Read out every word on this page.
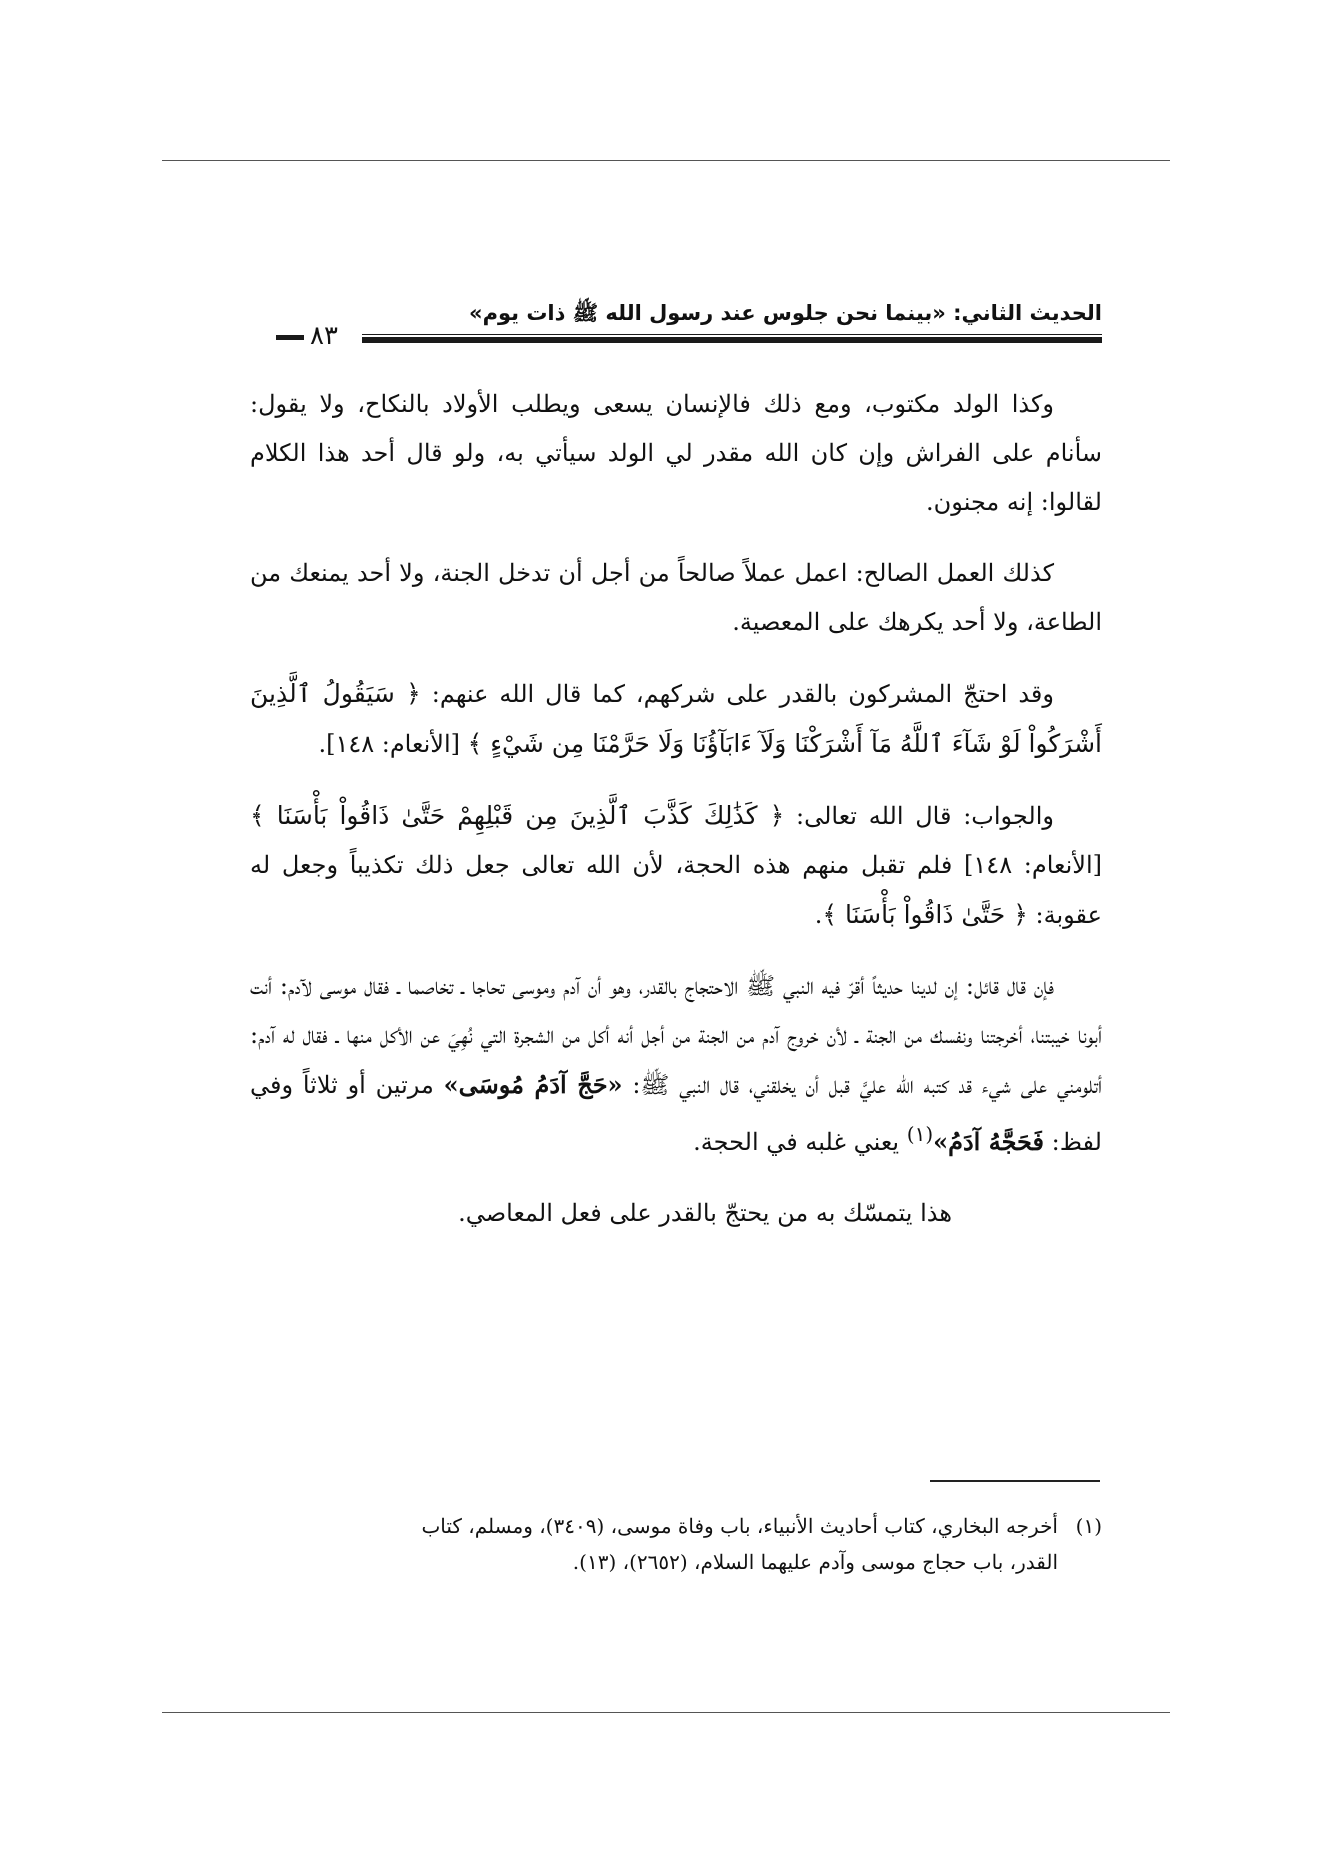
الحديث الثاني: «بينما نحن جلوس عند رسول الله ﷺ ذات يوم»
٨٣

وكذا الولد مكتوب، ومع ذلك فالإنسان يسعى ويطلب الأولاد بالنكاح، ولا يقول: سأنام على الفراش وإن كان الله مقدر لي الولد سيأتي به، ولو قال أحد هذا الكلام لقالوا: إنه مجنون.

كذلك العمل الصالح: اعمل عملاً صالحاً من أجل أن تدخل الجنة، ولا أحد يمنعك من الطاعة، ولا أحد يكرهك على المعصية.

وقد احتجّ المشركون بالقدر على شركهم، كما قال الله عنهم: ﴿ سَيَقُولُ ٱلَّذِينَ أَشْرَكُواْ لَوْ شَآءَ ٱللَّهُ مَآ أَشْرَكْنَا وَلَآ ءَابَآؤُنَا وَلَا حَرَّمْنَا مِن شَيْءٍ ﴾ [الأنعام: ١٤٨].

والجواب: قال الله تعالى: ﴿ كَذَٰلِكَ كَذَّبَ ٱلَّذِينَ مِن قَبْلِهِمْ حَتَّىٰ ذَاقُواْ بَأْسَنَا ﴾ [الأنعام: ١٤٨] فلم تقبل منهم هذه الحجة، لأن الله تعالى جعل ذلك تكذيباً وجعل له عقوبة: ﴿ حَتَّىٰ ذَاقُواْ بَأْسَنَا ﴾.

فإن قال قائل: إن لدينا حديثاً أقرّ فيه النبي ﷺ الاحتجاج بالقدر، وهو أن آدم وموسى تحاجا ـ تخاصما ـ فقال موسى لآدم: أنت أبونا خيبتنا، أخرجتنا ونفسك من الجنة ـ لأن خروج آدم من الجنة من أجل أنه أكل من الشجرة التي نُهِيَ عن الأكل منها ـ فقال له آدم: أتلومني على شيء قد كتبه الله عليَّ قبل أن يخلقني، قال النبي ﷺ: «حَجَّ آدَمُ مُوسَى» مرتين أو ثلاثاً وفي لفظ: فَحَجَّهُ آدَمُ»$^{(١)}$ يعني غلبه في الحجة.

هذا يتمسّك به من يحتجّ بالقدر على فعل المعاصي.

(١)أخرجه البخاري، كتاب أحاديث الأنبياء، باب وفاة موسى، (٣٤٠٩)، ومسلم، كتاب
القدر، باب حجاج موسى وآدم عليهما السلام، (٢٦٥٢)، (١٣).
